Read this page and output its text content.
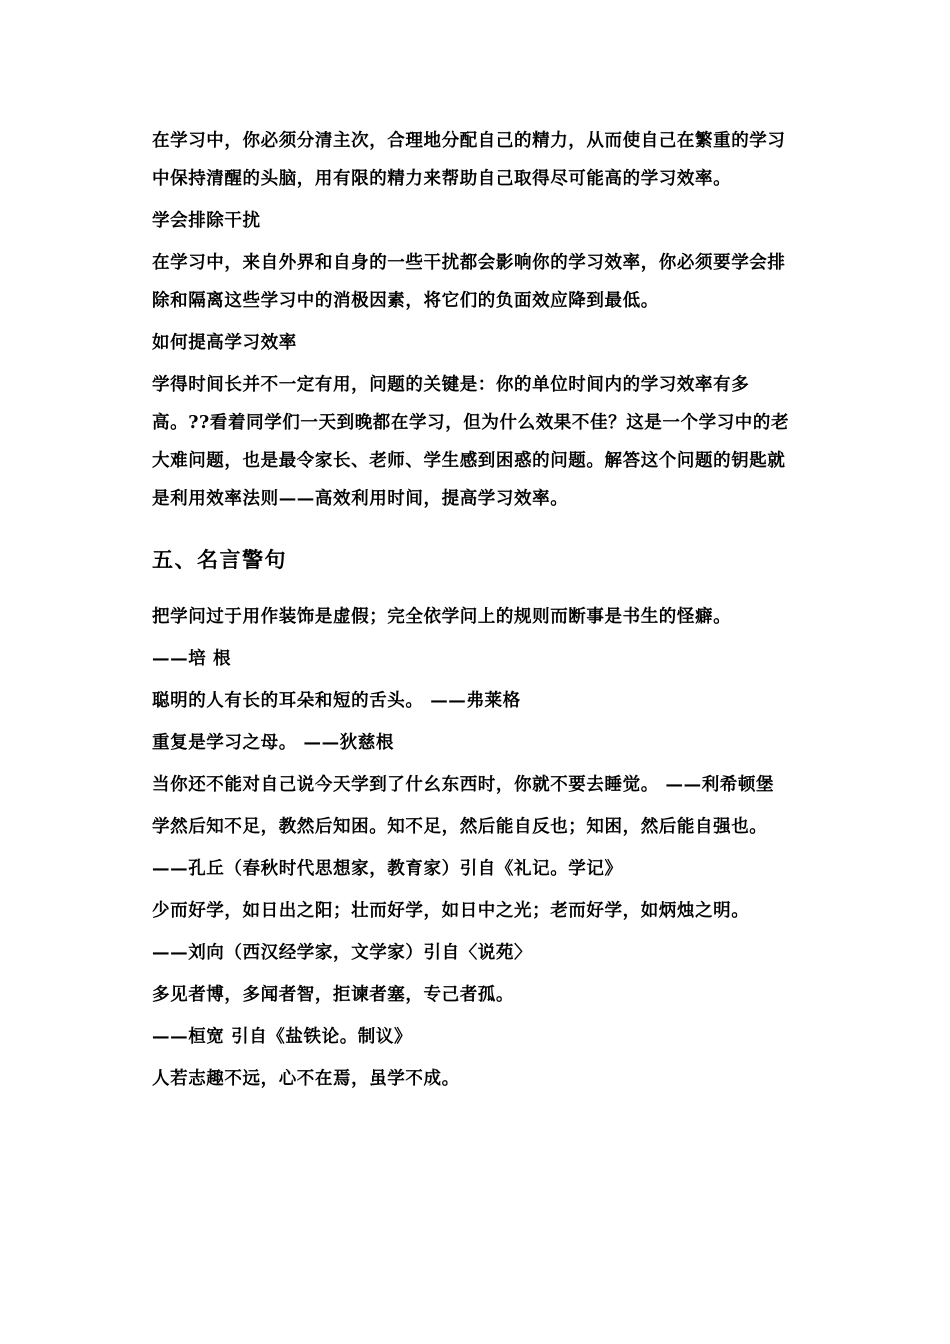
在学习中，你必须分清主次，合理地分配自己的精力，从而使自己在繁重的学习中保持清醒的头脑，用有限的精力来帮助自己取得尽可能高的学习效率。

学会排除干扰

在学习中，来自外界和自身的一些干扰都会影响你的学习效率，你必须要学会排除和隔离这些学习中的消极因素，将它们的负面效应降到最低。

如何提高学习效率

学得时间长并不一定有用，问题的关键是：你的单位时间内的学习效率有多高。??看着同学们一天到晚都在学习，但为什么效果不佳？这是一个学习中的老大难问题，也是最令家长、老师、学生感到困惑的问题。解答这个问题的钥匙就是利用效率法则——高效利用时间，提高学习效率。

五、名言警句

把学问过于用作装饰是虚假；完全依学问上的规则而断事是书生的怪癖。

——培 根

聪明的人有长的耳朵和短的舌头。 ——弗莱格

重复是学习之母。 ——狄慈根

当你还不能对自己说今天学到了什幺东西时，你就不要去睡觉。 ——利希顿堡

学然后知不足，教然后知困。知不足，然后能自反也；知困，然后能自强也。

——孔丘（春秋时代思想家，教育家）引自《礼记。学记》

少而好学，如日出之阳；壮而好学，如日中之光；老而好学，如炳烛之明。

——刘向（西汉经学家，文学家）引自〈说苑〉

多见者博，多闻者智，拒谏者塞，专己者孤。

——桓宽 引自《盐铁论。制议》

人若志趣不远，心不在焉，虽学不成。
